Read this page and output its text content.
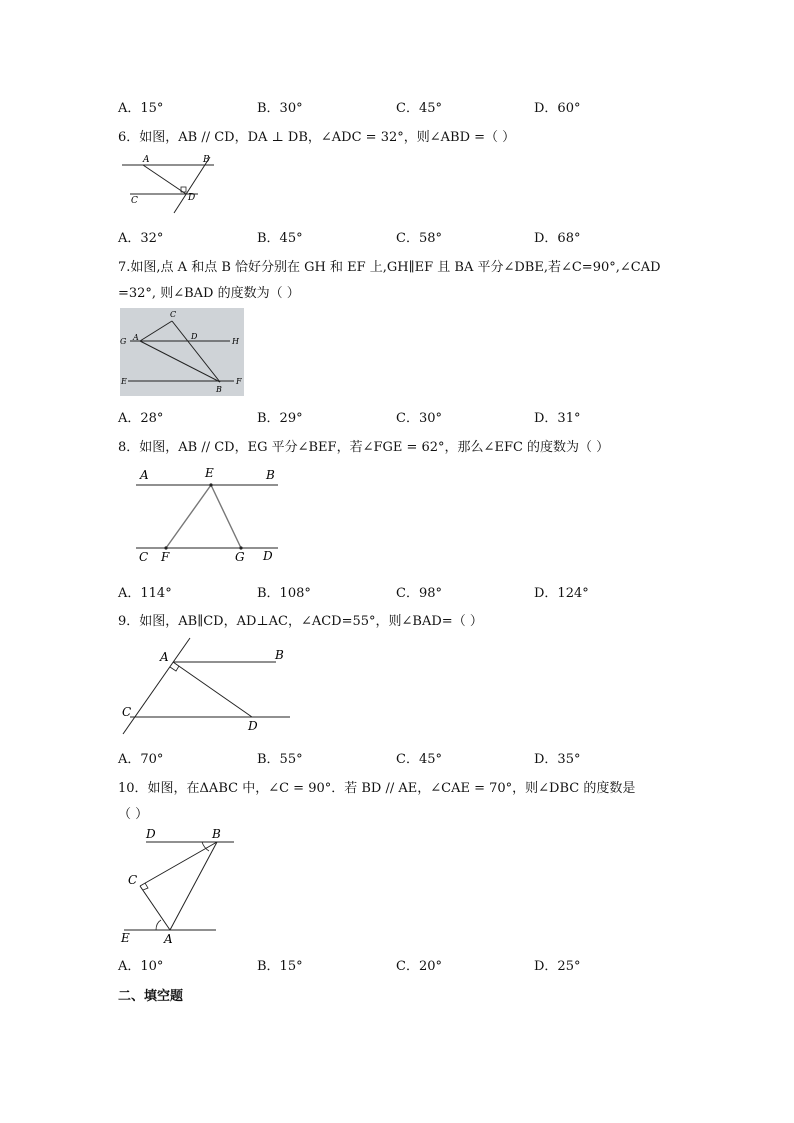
A．15°	B．30°	C．45°	D．60°
6．如图，AB // CD，DA ⊥ DB，∠ADC = 32°，则∠ABD =（ ）
A	B
C	D
A．32°	B．45°	C．58°	D．68°
7.如图,点 A 和点 B 恰好分别在 GH 和 EF 上,GH∥EF 且 BA 平分∠DBE,若∠C=90°,∠CAD
=32°, 则∠BAD 的度数为（ ）
C
A	D
G	H
E	F
B
A．28°	B．29°	C．30°	D．31°
8．如图，AB // CD，EG 平分∠BEF，若∠FGE = 62°，那么∠EFC 的度数为（ ）
A	E	B
C F	G D
A．114°	B．108°	C．98°	D．124°
9．如图，AB∥CD，AD⊥AC，∠ACD=55°，则∠BAD=（ ）
A	B
C
D
A．70°	B．55°	C．45°	D．35°
10．如图，在ΔABC 中，∠C = 90°．若 BD // AE，∠CAE = 70°，则∠DBC 的度数是
（ ）
D	B
C
E	A
A．10°	B．15°	C．20°	D．25°
二、填空题
